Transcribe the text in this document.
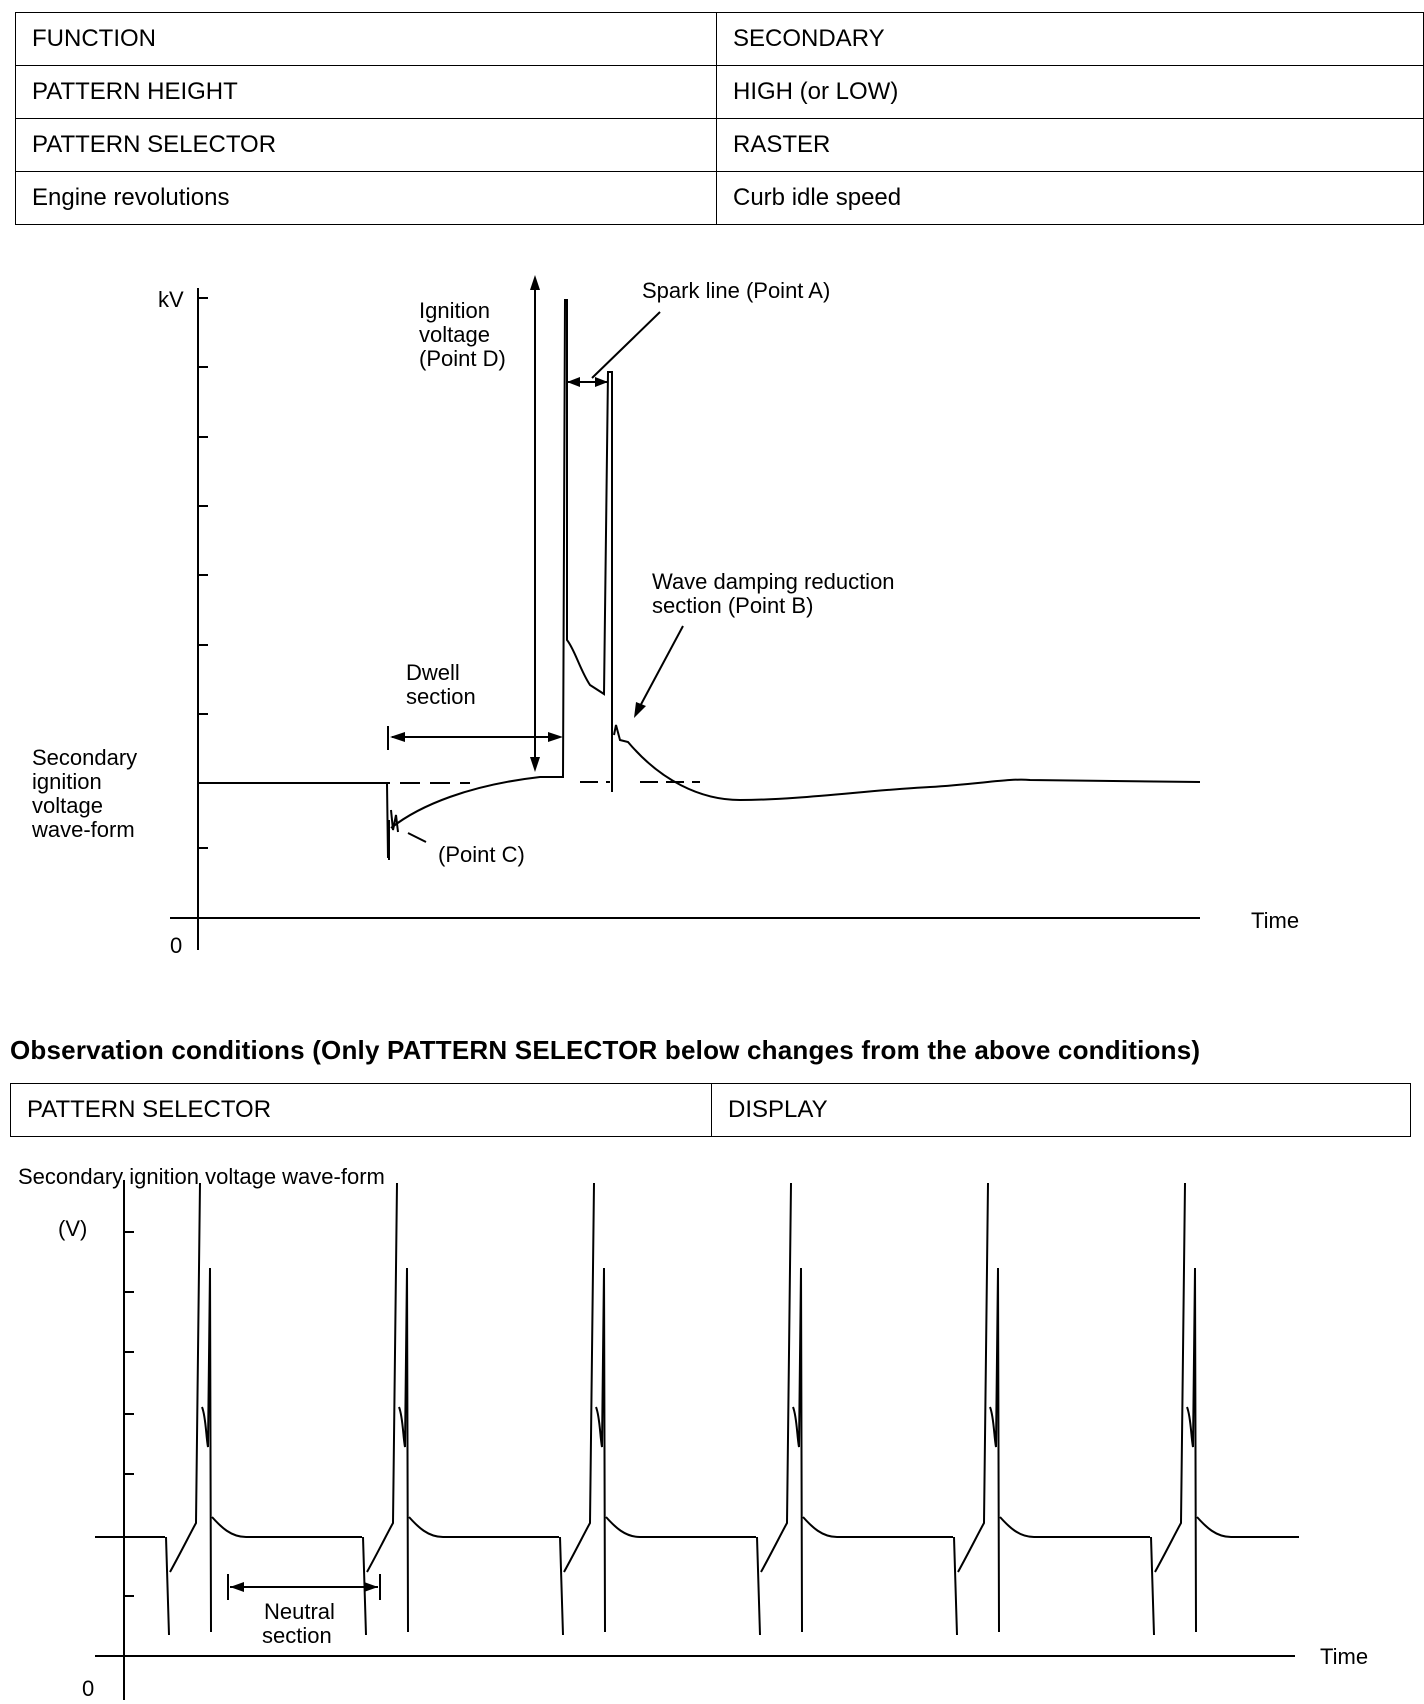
FUNCTION	SECONDARY
PATTERN HEIGHT	HIGH (or LOW)
PATTERN SELECTOR	RASTER
Engine revolutions	Curb idle speed
kV
0
Time
Ignition
voltage
(Point D)
Spark line (Point A)
Wave damping reduction
section (Point B)
Dwell
section
Secondary
ignition
voltage
wave-form
(Point C)
Observation conditions (Only PATTERN SELECTOR below changes from the above conditions)
PATTERN SELECTOR	DISPLAY
Secondary ignition voltage wave-form
(V)
0
Time
Neutral
section
